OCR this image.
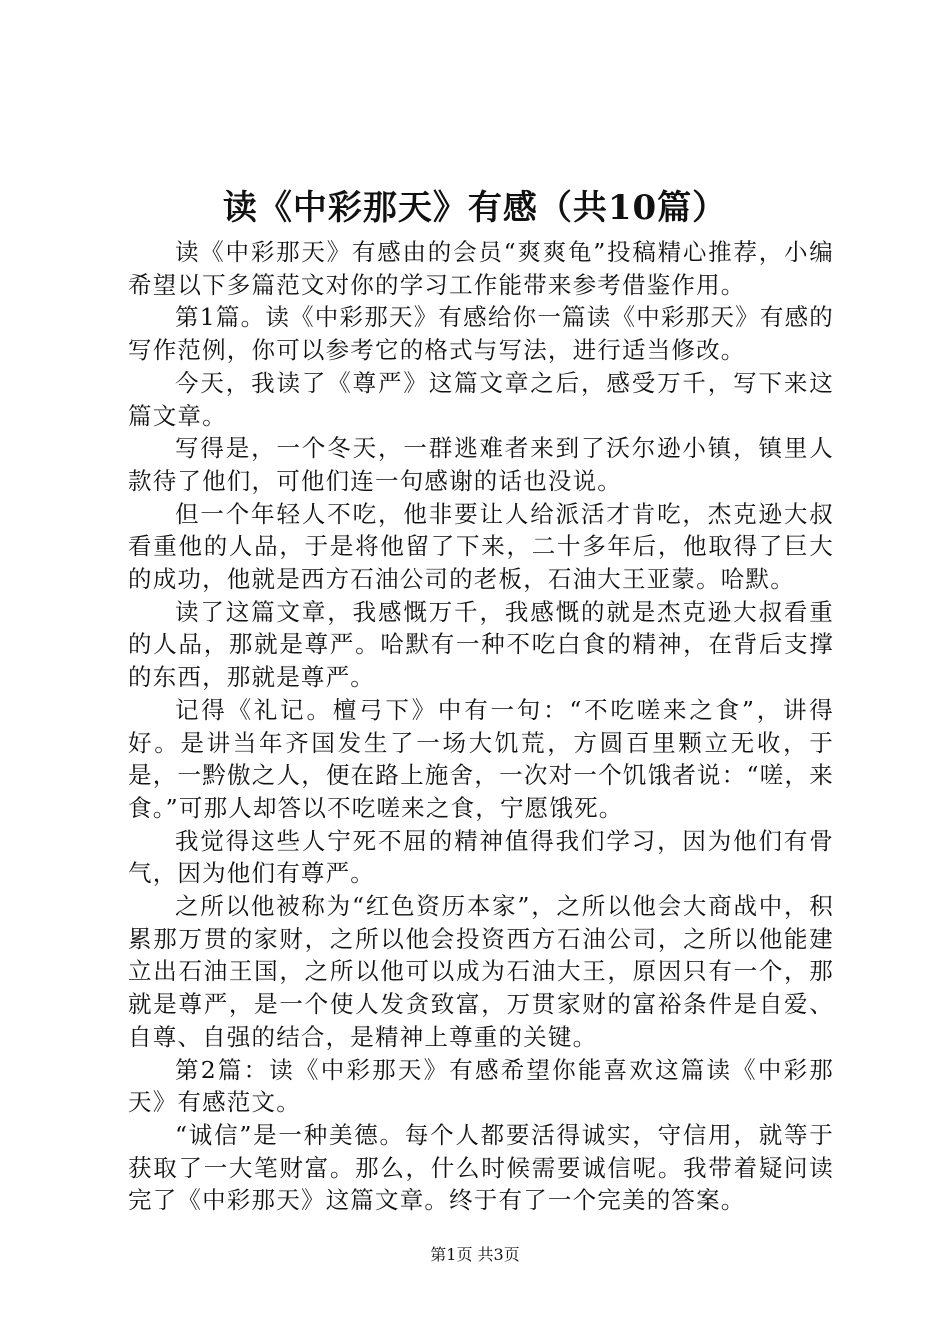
读《中彩那天》有感（共10篇）

读《中彩那天》有感由的会员“爽爽龟”投稿精心推荐，小编希望以下多篇范文对你的学习工作能带来参考借鉴作用。

第1篇。读《中彩那天》有感给你一篇读《中彩那天》有感的写作范例，你可以参考它的格式与写法，进行适当修改。

今天，我读了《尊严》这篇文章之后，感受万千，写下来这篇文章。

写得是，一个冬天，一群逃难者来到了沃尔逊小镇，镇里人款待了他们，可他们连一句感谢的话也没说。

但一个年轻人不吃，他非要让人给派活才肯吃，杰克逊大叔看重他的人品，于是将他留了下来，二十多年后，他取得了巨大的成功，他就是西方石油公司的老板，石油大王亚蒙。哈默。

读了这篇文章，我感慨万千，我感慨的就是杰克逊大叔看重的人品，那就是尊严。哈默有一种不吃白食的精神，在背后支撑的东西，那就是尊严。

记得《礼记。檀弓下》中有一句：“不吃嗟来之食”，讲得好。是讲当年齐国发生了一场大饥荒，方圆百里颗立无收，于是，一黔傲之人，便在路上施舍，一次对一个饥饿者说：“嗟，来食。”可那人却答以不吃嗟来之食，宁愿饿死。

我觉得这些人宁死不屈的精神值得我们学习，因为他们有骨气，因为他们有尊严。

之所以他被称为“红色资历本家”，之所以他会大商战中，积累那万贯的家财，之所以他会投资西方石油公司，之所以他能建立出石油王国，之所以他可以成为石油大王，原因只有一个，那就是尊严，是一个使人发贪致富，万贯家财的富裕条件是自爱、自尊、自强的结合，是精神上尊重的关键。

第2篇：读《中彩那天》有感希望你能喜欢这篇读《中彩那天》有感范文。

“诚信”是一种美德。每个人都要活得诚实，守信用，就等于获取了一大笔财富。那么，什么时候需要诚信呢。我带着疑问读完了《中彩那天》这篇文章。终于有了一个完美的答案。

第1页 共3页
